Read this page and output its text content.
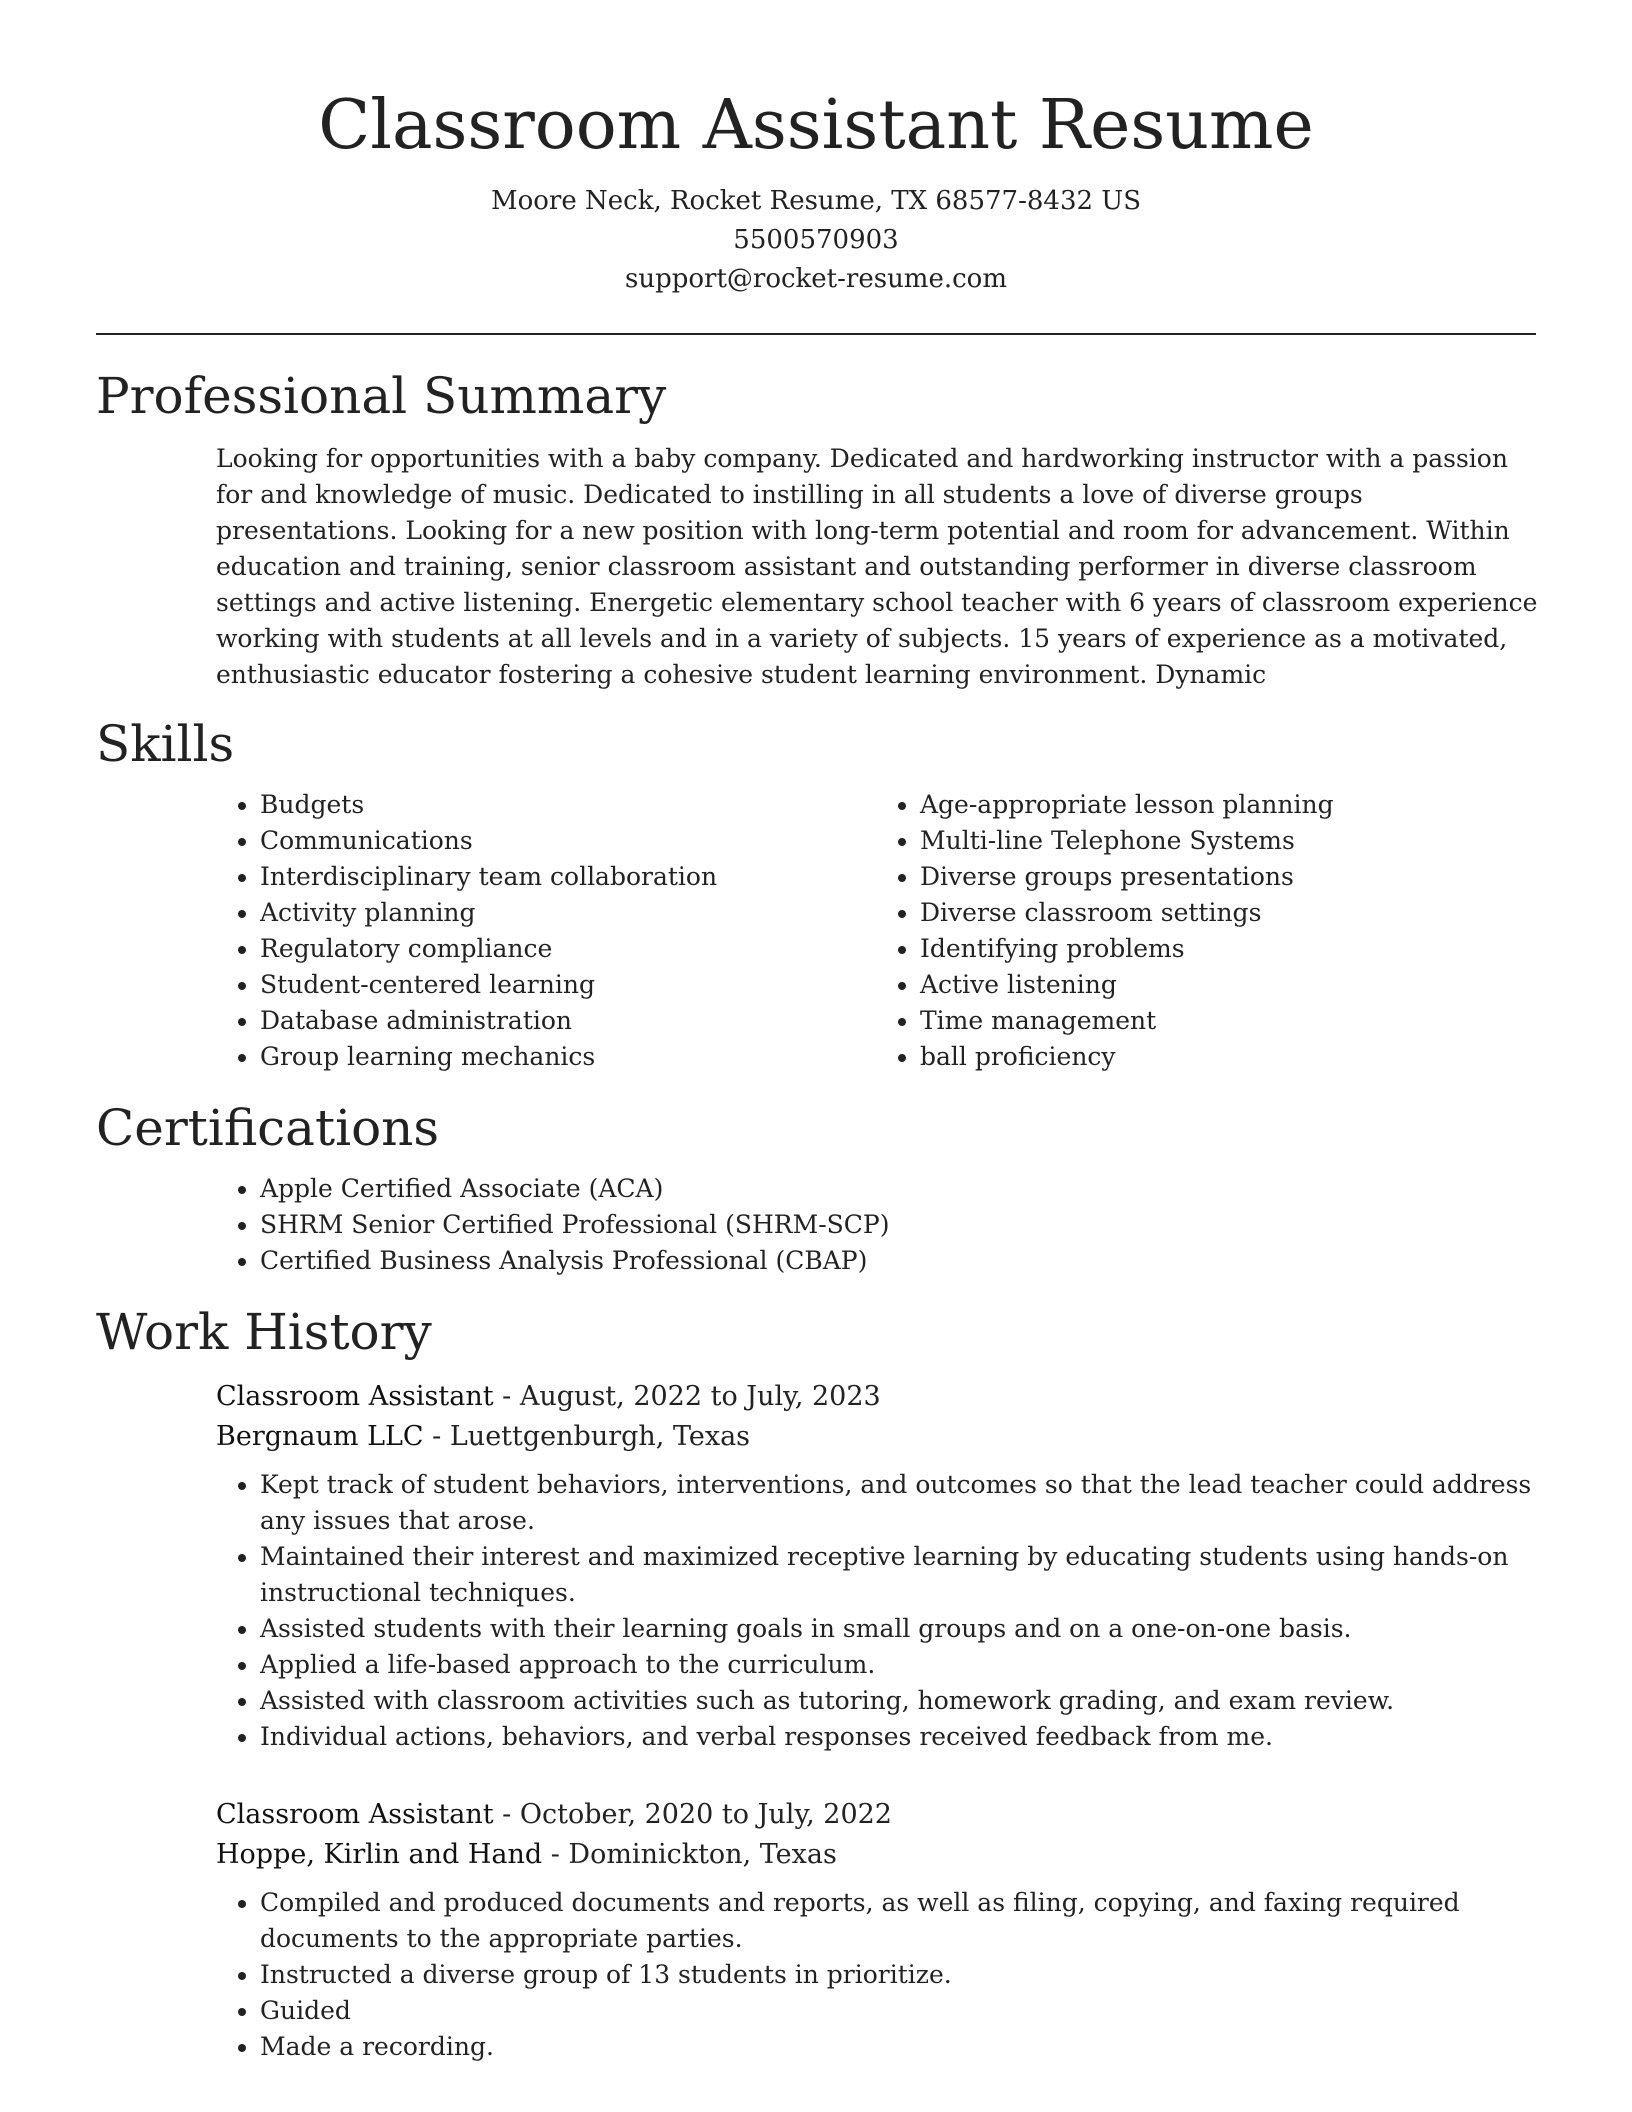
Classroom Assistant Resume
Moore Neck, Rocket Resume, TX 68577-8432 US
5500570903
support@rocket-resume.com
Professional Summary

Looking for opportunities with a baby company. Dedicated and hardworking instructor with a passion for and knowledge of music. Dedicated to instilling in all students a love of diverse groups presentations. Looking for a new position with long-term potential and room for advancement. Within education and training, senior classroom assistant and outstanding performer in diverse classroom settings and active listening. Energetic elementary school teacher with 6 years of classroom experience working with students at all levels and in a variety of subjects. 15 years of experience as a motivated, enthusiastic educator fostering a cohesive student learning environment. Dynamic

Skills
• Budgets
• Communications
• Interdisciplinary team collaboration
• Activity planning
• Regulatory compliance
• Student-centered learning
• Database administration
• Group learning mechanics
• Age-appropriate lesson planning
• Multi-line Telephone Systems
• Diverse groups presentations
• Diverse classroom settings
• Identifying problems
• Active listening
• Time management
• ball proficiency
Certifications
• Apple Certified Associate (ACA)
• SHRM Senior Certified Professional (SHRM-SCP)
• Certified Business Analysis Professional (CBAP)
Work History
Classroom Assistant - August, 2022 to July, 2023
Bergnaum LLC - Luettgenburgh, Texas
• Kept track of student behaviors, interventions, and outcomes so that the lead teacher could address any issues that arose.
• Maintained their interest and maximized receptive learning by educating students using hands-on instructional techniques.
• Assisted students with their learning goals in small groups and on a one-on-one basis.
• Applied a life-based approach to the curriculum.
• Assisted with classroom activities such as tutoring, homework grading, and exam review.
• Individual actions, behaviors, and verbal responses received feedback from me.
Classroom Assistant - October, 2020 to July, 2022
Hoppe, Kirlin and Hand - Dominickton, Texas
• Compiled and produced documents and reports, as well as filing, copying, and faxing required documents to the appropriate parties.
• Instructed a diverse group of 13 students in prioritize.
• Guided
• Made a recording.
